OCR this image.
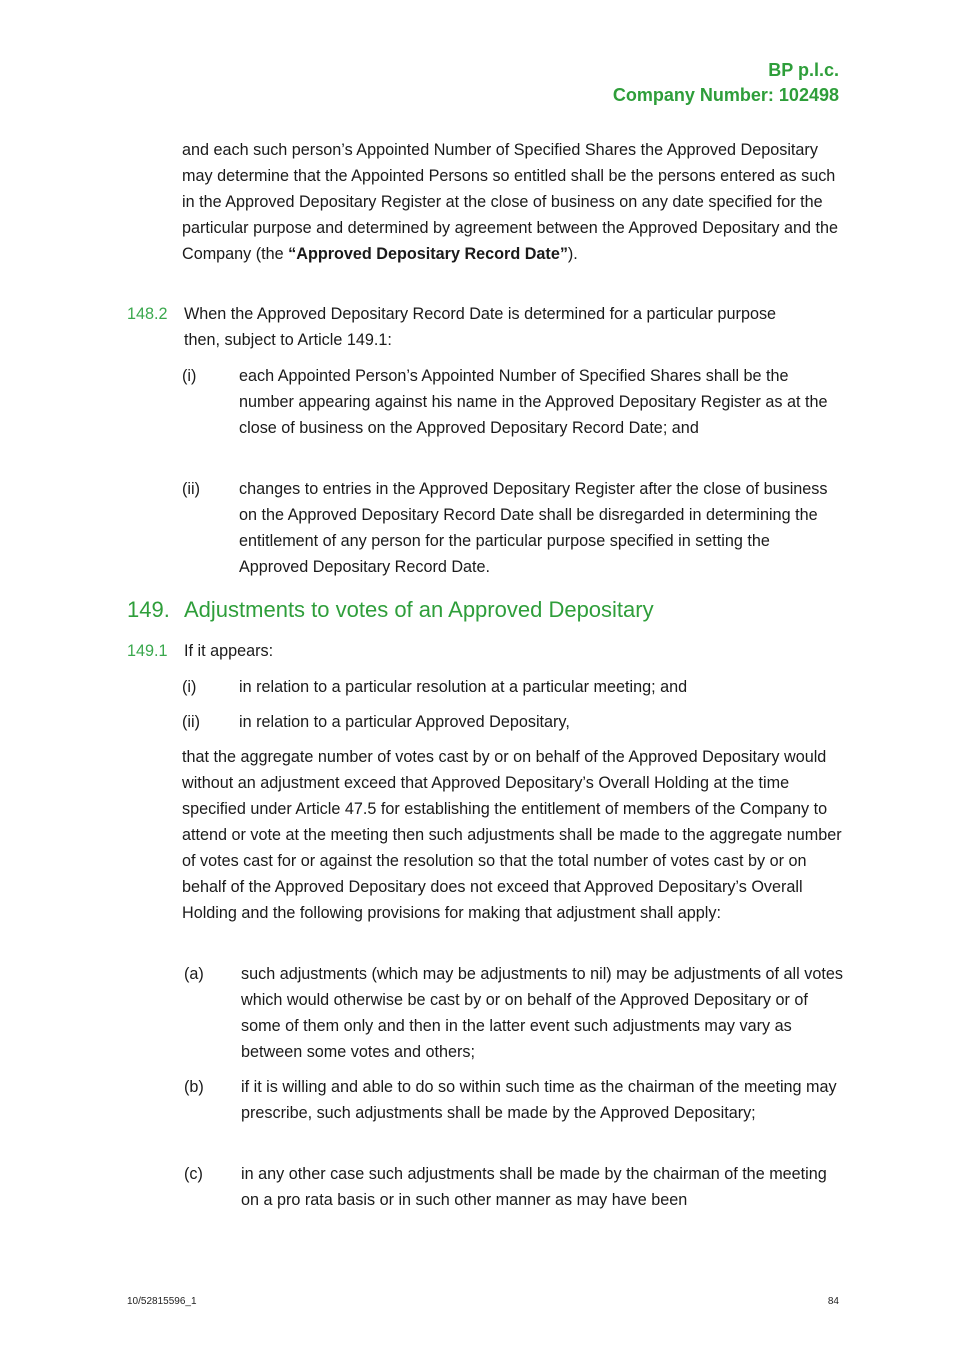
BP p.l.c.
Company Number: 102498
and each such person’s Appointed Number of Specified Shares the Approved Depositary may determine that the Appointed Persons so entitled shall be the persons entered as such in the Approved Depositary Register at the close of business on any date specified for the particular purpose and determined by agreement between the Approved Depositary and the Company (the “Approved Depositary Record Date”).
148.2 When the Approved Depositary Record Date is determined for a particular purpose then, subject to Article 149.1:
(i)	each Appointed Person’s Appointed Number of Specified Shares shall be the number appearing against his name in the Approved Depositary Register as at the close of business on the Approved Depositary Record Date; and
(ii) changes to entries in the Approved Depositary Register after the close of business on the Approved Depositary Record Date shall be disregarded in determining the entitlement of any person for the particular purpose specified in setting the Approved Depositary Record Date.
149. Adjustments to votes of an Approved Depositary
149.1 If it appears:
(i)	in relation to a particular resolution at a particular meeting; and
(ii) in relation to a particular Approved Depositary,
that the aggregate number of votes cast by or on behalf of the Approved Depositary would without an adjustment exceed that Approved Depositary’s Overall Holding at the time specified under Article 47.5 for establishing the entitlement of members of the Company to attend or vote at the meeting then such adjustments shall be made to the aggregate number of votes cast for or against the resolution so that the total number of votes cast by or on behalf of the Approved Depositary does not exceed that Approved Depositary’s Overall Holding and the following provisions for making that adjustment shall apply:
(a) such adjustments (which may be adjustments to nil) may be adjustments of all votes which would otherwise be cast by or on behalf of the Approved Depositary or of some of them only and then in the latter event such adjustments may vary as between some votes and others;
(b) if it is willing and able to do so within such time as the chairman of the meeting may prescribe, such adjustments shall be made by the Approved Depositary;
(c) in any other case such adjustments shall be made by the chairman of the meeting on a pro rata basis or in such other manner as may have been
10/52815596_1	84
